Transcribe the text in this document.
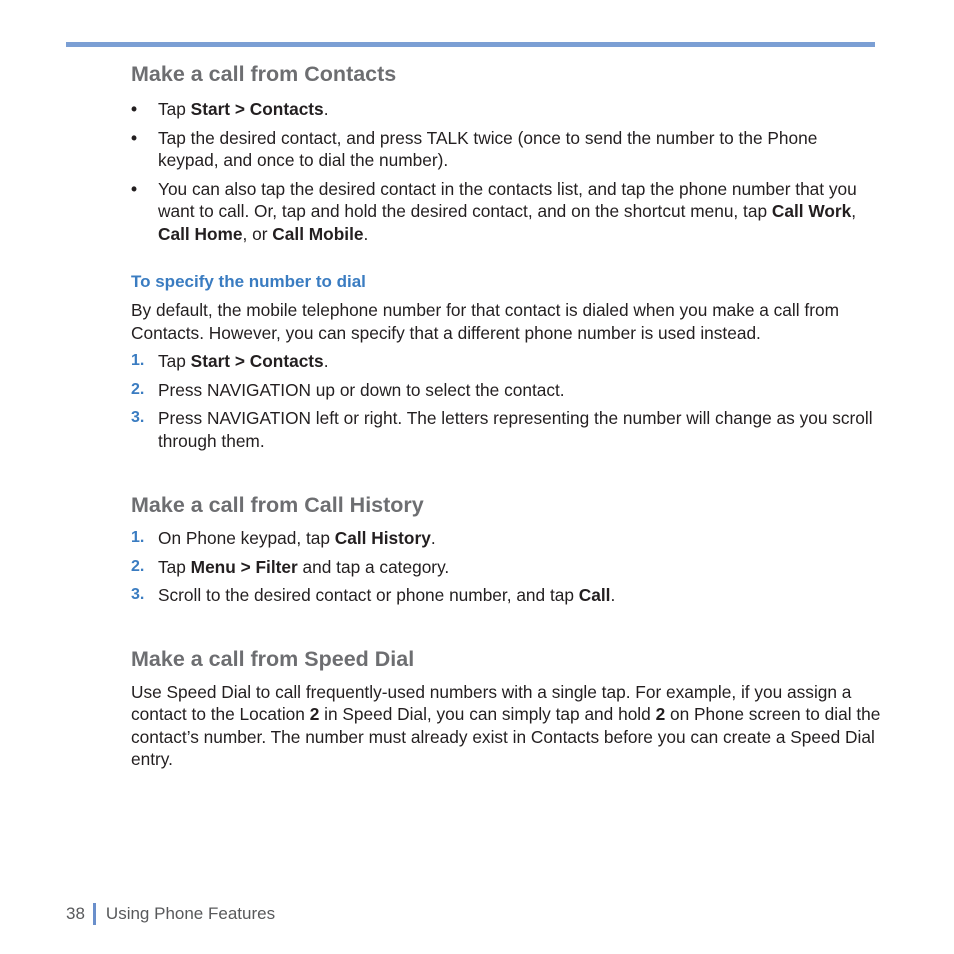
Make a call from Contacts
• Tap Start > Contacts.
• Tap the desired contact, and press TALK twice (once to send the number to the Phone keypad, and once to dial the number).
• You can also tap the desired contact in the contacts list, and tap the phone number that you want to call. Or, tap and hold the desired contact, and on the shortcut menu, tap Call Work, Call Home, or Call Mobile.
To specify the number to dial

By default, the mobile telephone number for that contact is dialed when you make a call from Contacts. However, you can specify that a different phone number is used instead.

1. Tap Start > Contacts.
2. Press NAVIGATION up or down to select the contact.
3. Press NAVIGATION left or right. The letters representing the number will change as you scroll through them.
Make a call from Call History
1. On Phone keypad, tap Call History.
2. Tap Menu > Filter and tap a category.
3. Scroll to the desired contact or phone number, and tap Call.
Make a call from Speed Dial

Use Speed Dial to call frequently-used numbers with a single tap. For example, if you assign a contact to the Location 2 in Speed Dial, you can simply tap and hold 2 on Phone screen to dial the contact’s number. The number must already exist in Contacts before you can create a Speed Dial entry.

38 Using Phone Features
